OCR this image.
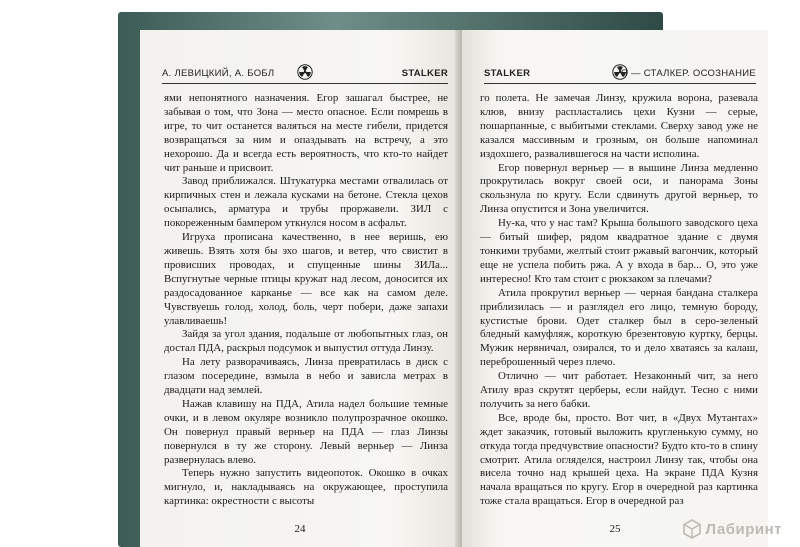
А. ЛЕВИЦКИЙ, А. БОБЛ	STALKER

ями непонятного назначения. Егор зашагал быстрее, не забывая о том, что Зона — место опасное. Если помрешь в игре, то чит останется валяться на месте гибели, придется возвращаться за ним и опаздывать на встречу, а это нехорошо. Да и всегда есть вероятность, что кто-то найдет чит раньше и присвоит.

Завод приближался. Штукатурка местами отвалилась от кирпичных стен и лежала кусками на бетоне. Стекла цехов осыпались, арматура и трубы проржавели. ЗИЛ с покореженным бампером уткнулся носом в асфальт.

Игруха прописана качественно, в нее веришь, ею живешь. Взять хотя бы эхо шагов, и ветер, что свистит в провисших проводах, и спущенные шины ЗИЛа... Вспугнутые черные птицы кружат над лесом, доносится их раздосадованное карканье — все как на самом деле. Чувствуешь голод, холод, боль, черт побери, даже запахи улавливаешь!

Зайдя за угол здания, подальше от любопытных глаз, он достал ПДА, раскрыл подсумок и выпустил оттуда Линзу.

На лету разворачиваясь, Линза превратилась в диск с глазом посередине, взмыла в небо и зависла метрах в двадцати над землей.

Нажав клавишу на ПДА, Атила надел большие темные очки, и в левом окуляре возникло полупрозрачное окошко. Он повернул правый верньер на ПДА — глаз Линзы повернулся в ту же сторону. Левый верньер — Линза развернулась влево.

Теперь нужно запустить видеопоток. Окошко в очках мигнуло, и, накладываясь на окружающее, проступила картинка: окрестности с высоты

24
STALKER	Я — СТАЛКЕР. ОСОЗНАНИЕ

го полета. Не замечая Линзу, кружила ворона, разевала клюв, внизу распластались цехи Кузни — серые, пошарпанные, с выбитыми стеклами. Сверху завод уже не казался массивным и грозным, он больше напоминал издохшего, развалившегося на части исполина.

Егор повернул верньер — в вышине Линза медленно прокрутилась вокруг своей оси, и панорама Зоны скользнула по кругу. Если сдвинуть другой верньер, то Линза опустится и Зона увеличится.

Ну-ка, что у нас там? Крыша большого заводского цеха — битый шифер, рядом квадратное здание с двумя тонкими трубами, желтый стоит ржавый вагончик, который еще не успела побить ржа. А у входа в бар... О, это уже интересно! Кто там стоит с рюкзаком за плечами?

Атила прокрутил верньер — черная бандана сталкера приблизилась — и разглядел его лицо, темную бороду, кустистые брови. Одет сталкер был в серо-зеленый бледный камуфляж, короткую брезентовую куртку, берцы. Мужик нервничал, озирался, то и дело хватаясь за калаш, переброшенный через плечо.

Отлично — чит работает. Незаконный чит, за него Атилу враз скрутят церберы, если найдут. Тесно с ними получить за него бабки.

Все, вроде бы, просто. Вот чит, в «Двух Мутантах» ждет заказчик, готовый выложить кругленькую сумму, но откуда тогда предчувствие опасности? Будто кто-то в спину смотрит. Атила огляделся, настроил Линзу так, чтобы она висела точно над крышей цеха. На экране ПДА Кузня начала вращаться по кругу. Егор в очередной раз картинка тоже стала вращаться. Егор в очередной раз

25	Лабиринт
